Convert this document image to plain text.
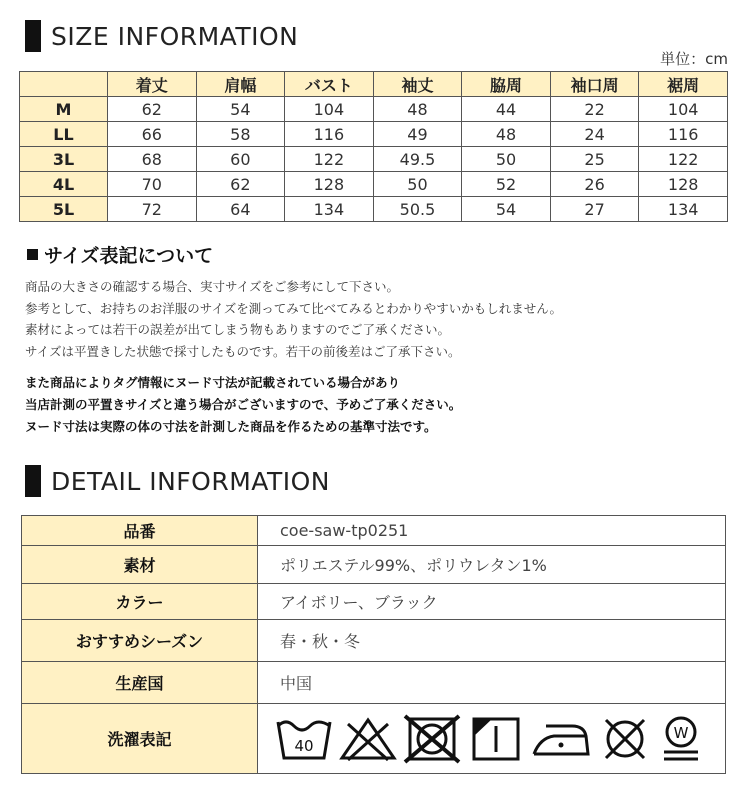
SIZE INFORMATION
単位：cm
	着丈	肩幅	バスト	袖丈	脇周	袖口周	裾周
M	62	54	104	48	44	22	104
LL	66	58	116	49	48	24	116
3L	68	60	122	49.5	50	25	122
4L	70	62	128	50	52	26	128
5L	72	64	134	50.5	54	27	134
サイズ表記について
商品の大きさの確認する場合、実寸サイズをご参考にして下さい。
参考として、お持ちのお洋服のサイズを測ってみて比べてみるとわかりやすいかもしれません。
素材によっては若干の誤差が出てしまう物もありますのでご了承ください。
サイズは平置きした状態で採寸したものです。若干の前後差はご了承下さい。
また商品によりタグ情報にヌード寸法が記載されている場合があり
当店計測の平置きサイズと違う場合がございますので、予めご了承ください。
ヌード寸法は実際の体の寸法を計測した商品を作るための基準寸法です。
DETAIL INFORMATION
品番	coe-saw-tp0251
素材	ポリエステル99%、ポリウレタン1%
カラー	アイボリー、ブラック
おすすめシーズン	春・秋・冬
生産国	中国
洗濯表記	40
W
